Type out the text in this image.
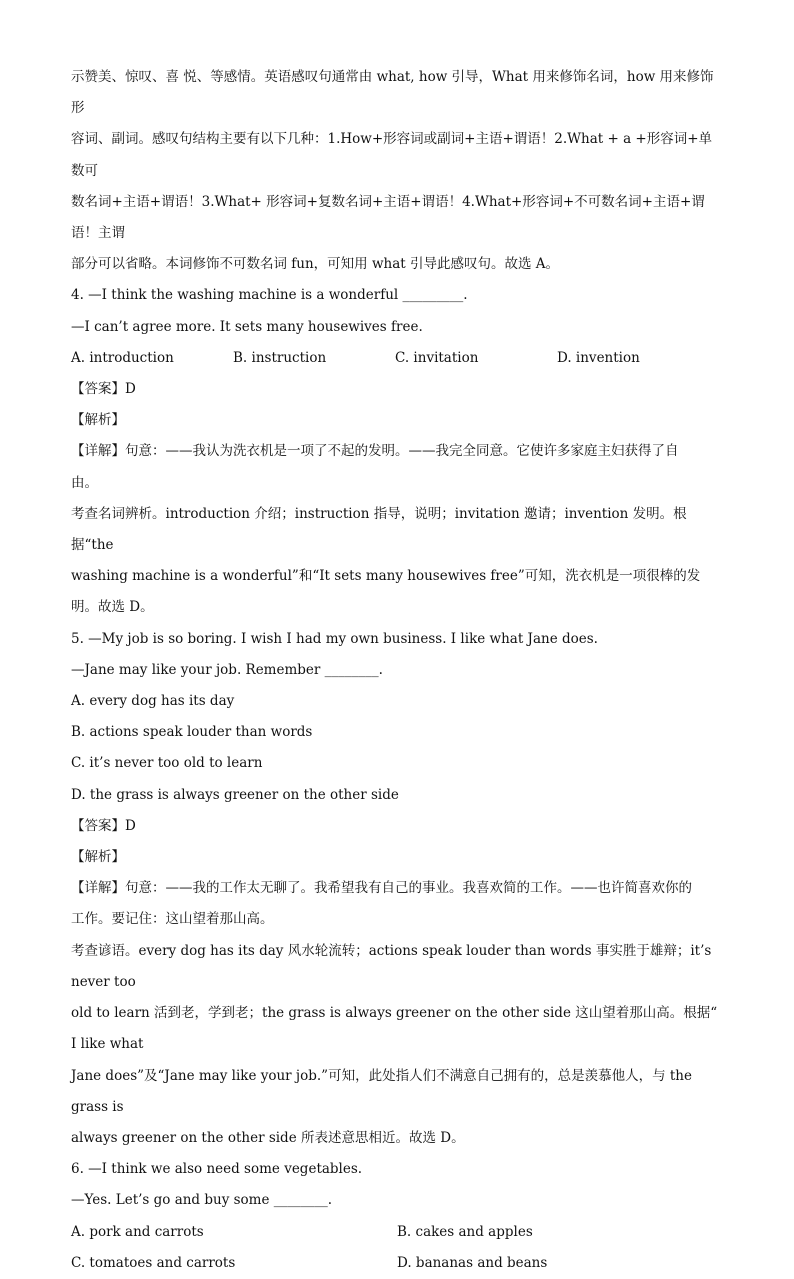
示赞美、惊叹、喜 悦、等感情。英语感叹句通常由 what, how 引导，What 用来修饰名词，how 用来修饰形

容词、副词。感叹句结构主要有以下几种：1.How+形容词或副词+主语+谓语！2.What + a +形容词+单数可

数名词+主语+谓语！3.What+ 形容词+复数名词+主语+谓语！4.What+形容词+不可数名词+主语+谓语！主谓

部分可以省略。本词修饰不可数名词 fun，可知用 what 引导此感叹句。故选 A。

4. —I think the washing machine is a wonderful _________.

—I can’t agree more. It sets many housewives free.

A. introduction	B. instruction	C. invitation	D. invention

【答案】D

【解析】

【详解】句意：——我认为洗衣机是一项了不起的发明。——我完全同意。它使许多家庭主妇获得了自

由。

考查名词辨析。introduction 介绍；instruction 指导，说明；invitation 邀请；invention 发明。根据“the

washing machine is a wonderful”和“It sets many housewives free”可知，洗衣机是一项很棒的发明。故选 D。

5. —My job is so boring. I wish I had my own business. I like what Jane does.

—Jane may like your job. Remember ________.

A. every dog has its day

B. actions speak louder than words

C. it’s never too old to learn

D. the grass is always greener on the other side

【答案】D

【解析】

【详解】句意：——我的工作太无聊了。我希望我有自己的事业。我喜欢简的工作。——也许简喜欢你的

工作。要记住：这山望着那山高。

考查谚语。every dog has its day 风水轮流转；actions speak louder than words 事实胜于雄辩；it’s never too

old to learn 活到老，学到老；the grass is always greener on the other side 这山望着那山高。根据“ I like what

Jane does”及“Jane may like your job.”可知，此处指人们不满意自己拥有的，总是羡慕他人，与 the grass is

always greener on the other side 所表述意思相近。故选 D。

6. —I think we also need some vegetables.

—Yes. Let’s go and buy some ________.

A. pork and carrots	B. cakes and apples
C. tomatoes and carrots	D. bananas and beans
